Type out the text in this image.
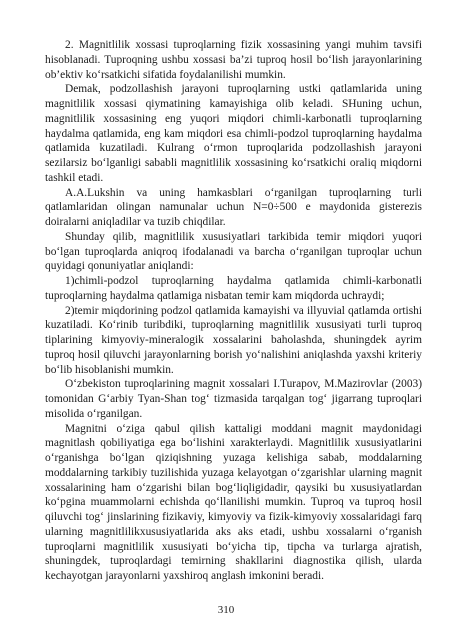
2. Magnitlilik xossasi tuproqlarning fizik xossasining yangi muhim tavsifi hisoblanadi. Tuproqning ushbu xossasi ba’zi tuproq hosil bo‘lish jarayonlarining ob’ektiv ko‘rsatkichi sifatida foydalanilishi mumkin.

Demak, podzollashish jarayoni tuproqlarning ustki qatlamlarida uning magnitlilik xossasi qiymatining kamayishiga olib keladi. SHuning uchun, magnitlilik xossasining eng yuqori miqdori chimli-karbonatli tuproqlarning haydalma qatlamida, eng kam miqdori esa chimli-podzol tuproqlarning haydalma qatlamida kuzatiladi. Kulrang o‘rmon tuproqlarida podzollashish jarayoni sezilarsiz bo‘lganligi sababli magnitlilik xossasining ko‘rsatkichi oraliq miqdorni tashkil etadi.

A.A.Lukshin va uning hamkasblari o‘rganilgan tuproqlarning turli qatlamlaridan olingan namunalar uchun N=0÷500 e maydonida gisterezis doiralarni aniqladilar va tuzib chiqdilar.

Shunday qilib, magnitlilik xususiyatlari tarkibida temir miqdori yuqori bo‘lgan tuproqlarda aniqroq ifodalanadi va barcha o‘rganilgan tuproqlar uchun quyidagi qonuniyatlar aniqlandi:

1)chimli-podzol tuproqlarning haydalma qatlamida chimli-karbonatli tuproqlarning haydalma qatlamiga nisbatan temir kam miqdorda uchraydi;

2)temir miqdorining podzol qatlamida kamayishi va illyuvial qatlamda ortishi kuzatiladi. Ko‘rinib turibdiki, tuproqlarning magnitlilik xususiyati turli tuproq tiplarining kimyoviy-mineralogik xossalarini baholashda, shuningdek ayrim tuproq hosil qiluvchi jarayonlarning borish yo‘nalishini aniqlashda yaxshi kriteriy bo‘lib hisoblanishi mumkin.

O‘zbekiston tuproqlarining magnit xossalari I.Turapov, M.Mazirovlar (2003) tomonidan G‘arbiy Tyan-Shan tog‘ tizmasida tarqalgan tog‘ jigarrang tuproqlari misolida o‘rganilgan.

Magnitni o‘ziga qabul qilish kattaligi moddani magnit maydonidagi magnitlash qobiliyatiga ega bo‘lishini xarakterlaydi. Magnitlilik xususiyatlarini o‘rganishga bo‘lgan qiziqishning yuzaga kelishiga sabab, moddalarning moddalarning tarkibiy tuzilishida yuzaga kelayotgan o‘zgarishlar ularning magnit xossalarining ham o‘zgarishi bilan bog‘liqligidadir, qaysiki bu xususiyatlardan ko‘pgina muammolarni echishda qo‘llanilishi mumkin. Tuproq va tuproq hosil qiluvchi tog‘ jinslarining fizikaviy, kimyoviy va fizik-kimyoviy xossalaridagi farq ularning magnitlilikxususiyatlarida aks aks etadi, ushbu xossalarni o‘rganish tuproqlarni magnitlilik xususiyati bo‘yicha tip, tipcha va turlarga ajratish, shuningdek, tuproqlardagi temirning shakllarini diagnostika qilish, ularda kechayotgan jarayonlarni yaxshiroq anglash imkonini beradi.

310
